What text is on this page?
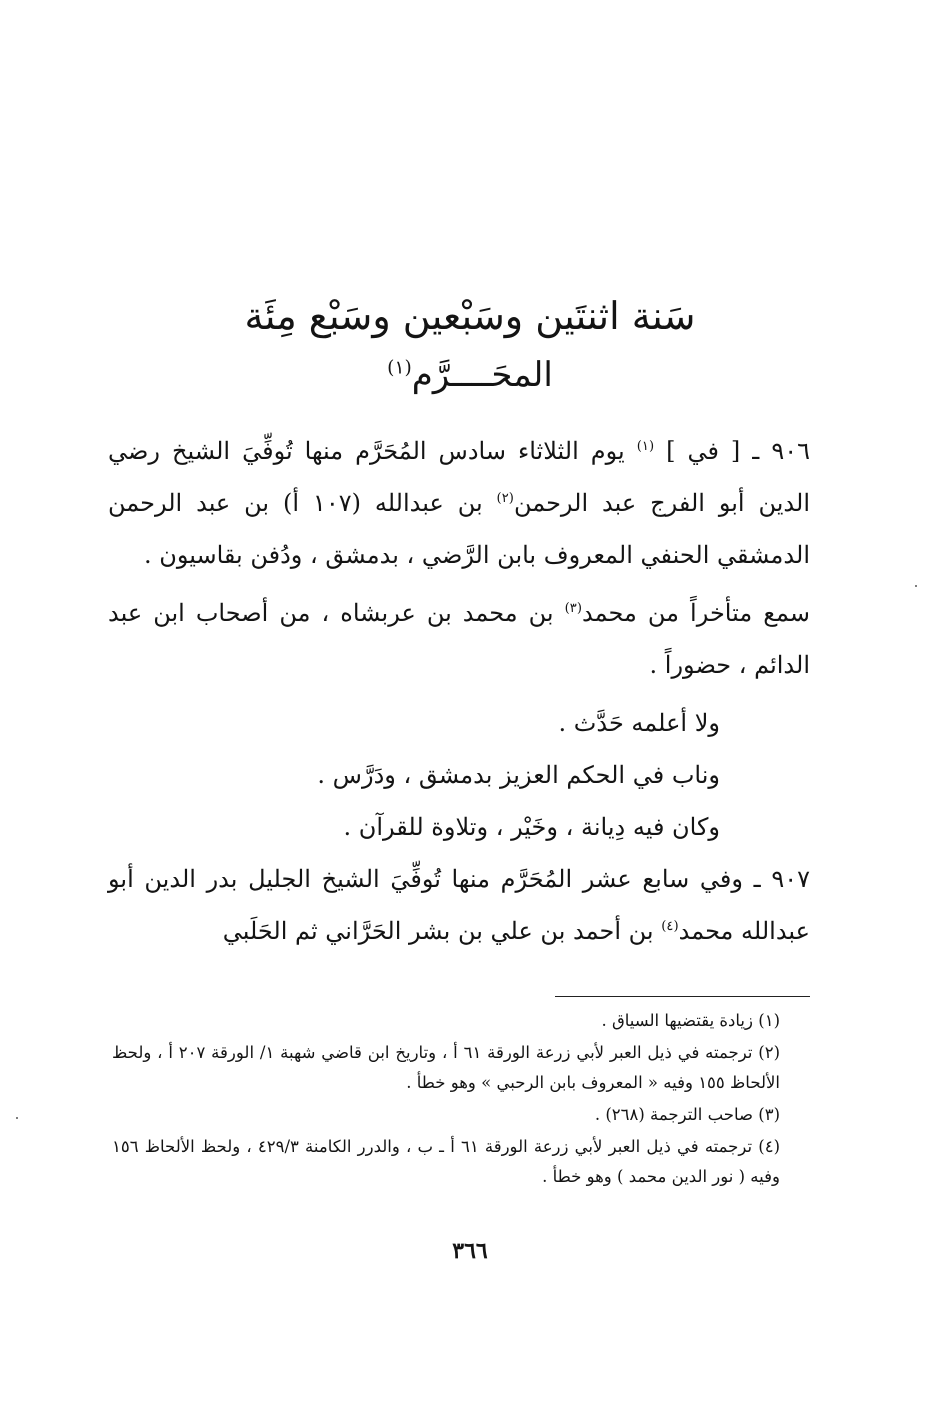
سَنة اثنتَين وسَبْعين وسَبْع مِئَة
المحَــــرَّم$^{(١)}$

٩٠٦ ـ [ في ] $^{(١)}$ يوم الثلاثاء سادس المُحَرَّم منها تُوفِّيَ الشيخ رضي الدين أبو الفرج عبد الرحمن$^{(٢)}$ بن عبدالله (١٠٧ أ) بن عبد الرحمن الدمشقي الحنفي المعروف بابن الرَّضي ، بدمشق ، ودُفن بقاسيون .

سمع متأخراً من محمد$^{(٣)}$ بن محمد بن عربشاه ، من أصحاب ابن عبد الدائم ، حضوراً .

ولا أعلمه حَدَّث .

وناب في الحكم العزيز بدمشق ، ودَرَّس .

وكان فيه دِيانة ، وخَيْر ، وتلاوة للقرآن .

٩٠٧ ـ وفي سابع عشر المُحَرَّم منها تُوفِّيَ الشيخ الجليل بدر الدين أبو عبدالله محمد$^{(٤)}$ بن أحمد بن علي بن بشر الحَرَّاني ثم الحَلَبي

(١) زيادة يقتضيها السياق .

(٢) ترجمته في ذيل العبر لأبي زرعة الورقة ٦١ أ ، وتاريخ ابن قاضي شهبة ١/ الورقة ٢٠٧ أ ، ولحظ الألحاظ ١٥٥ وفيه « المعروف بابن الرحبي » وهو خطأ .

(٣) صاحب الترجمة (٢٦٨) .

(٤) ترجمته في ذيل العبر لأبي زرعة الورقة ٦١ أ ـ ب ، والدرر الكامنة ٤٢٩/٣ ، ولحظ الألحاظ ١٥٦ وفيه ( نور الدين محمد ) وهو خطأ .

٣٦٦
